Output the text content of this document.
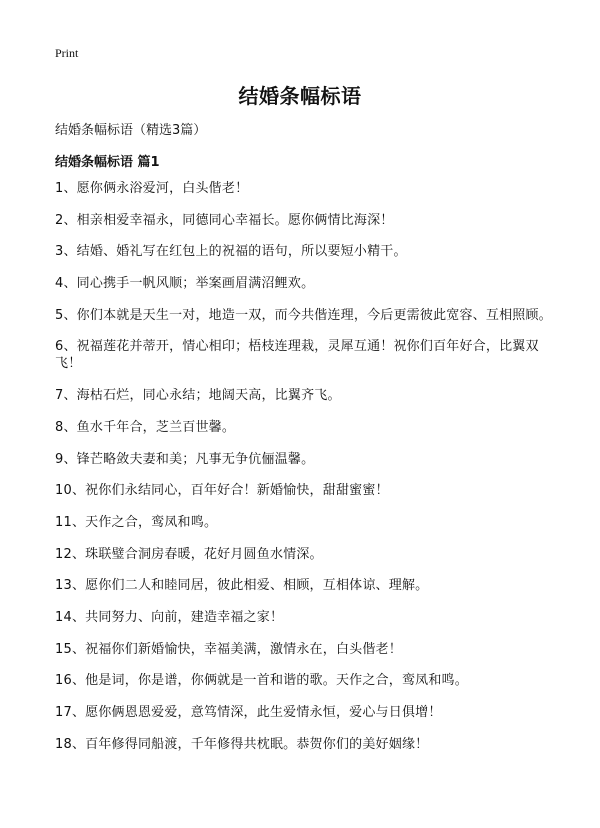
Print
结婚条幅标语
结婚条幅标语（精选3篇）
结婚条幅标语 篇1
1、愿你俩永浴爱河，白头偕老！
2、相亲相爱幸福永，同德同心幸福长。愿你俩情比海深！
3、结婚、婚礼写在红包上的祝福的语句，所以要短小精干。
4、同心携手一帆风顺；举案画眉满沼鲤欢。
5、你们本就是天生一对，地造一双，而今共偕连理，今后更需彼此宽容、互相照顾。
6、祝福莲花并蒂开，情心相印；梧枝连理栽，灵犀互通！祝你们百年好合，比翼双飞！
7、海枯石烂，同心永结；地阔天高，比翼齐飞。
8、鱼水千年合，芝兰百世馨。
9、锋芒略敛夫妻和美；凡事无争伉俪温馨。
10、祝你们永结同心，百年好合！新婚愉快，甜甜蜜蜜！
11、天作之合，鸾凤和鸣。
12、珠联璧合洞房春暖，花好月圆鱼水情深。
13、愿你们二人和睦同居，彼此相爱、相顾，互相体谅、理解。
14、共同努力、向前，建造幸福之家！
15、祝福你们新婚愉快，幸福美满，激情永在，白头偕老！
16、他是词，你是谱，你俩就是一首和谐的歌。天作之合，鸾凤和鸣。
17、愿你俩恩恩爱爱，意笃情深，此生爱情永恒，爱心与日俱增！
18、百年修得同船渡，千年修得共枕眠。恭贺你们的美好姻缘！
